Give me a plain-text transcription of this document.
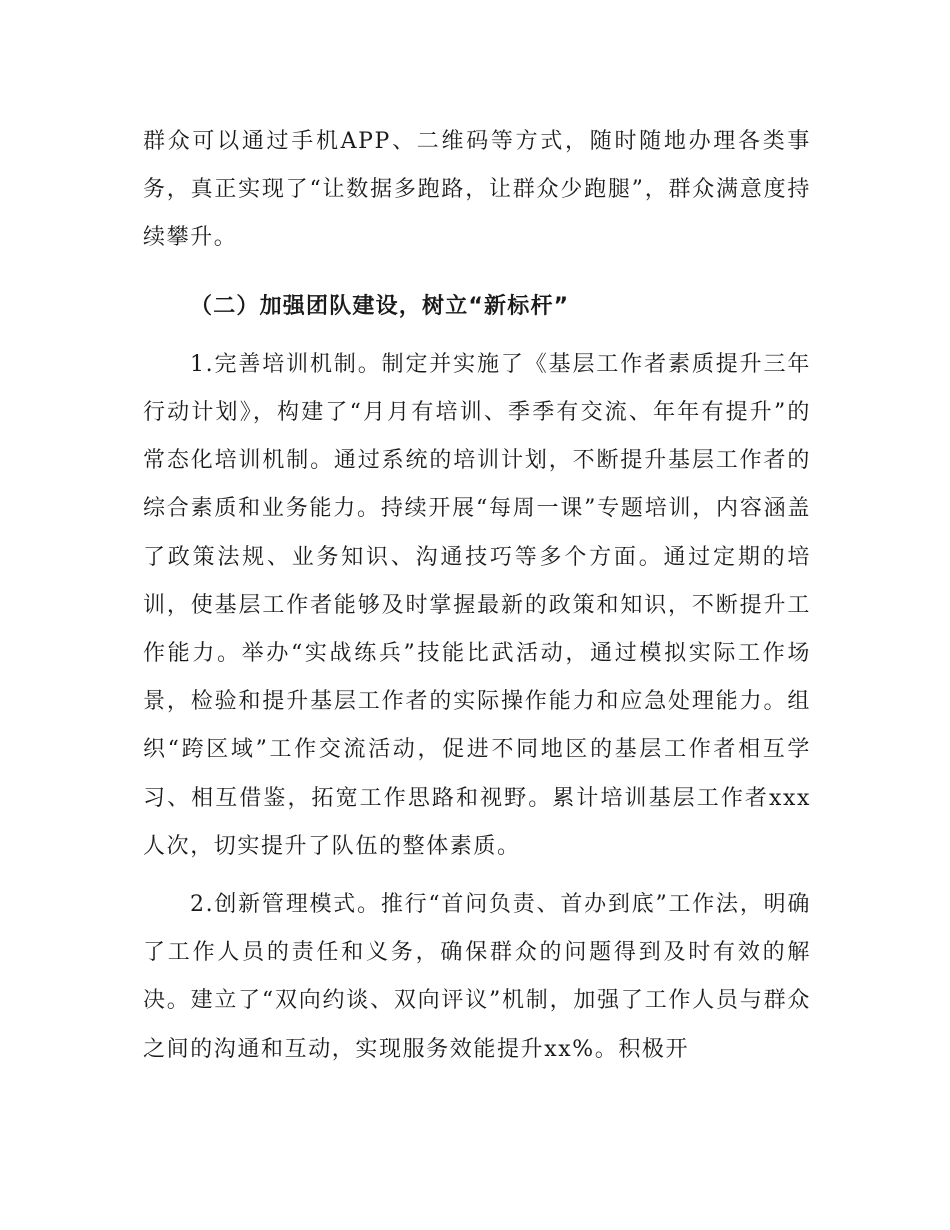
群众可以通过手机APP、二维码等方式，随时随地办理各类事务，真正实现了“让数据多跑路，让群众少跑腿”，群众满意度持续攀升。

（二）加强团队建设，树立“新标杆”

1.完善培训机制。制定并实施了《基层工作者素质提升三年行动计划》，构建了“月月有培训、季季有交流、年年有提升”的常态化培训机制。通过系统的培训计划，不断提升基层工作者的综合素质和业务能力。持续开展“每周一课”专题培训，内容涵盖了政策法规、业务知识、沟通技巧等多个方面。通过定期的培训，使基层工作者能够及时掌握最新的政策和知识，不断提升工作能力。举办“实战练兵”技能比武活动，通过模拟实际工作场景，检验和提升基层工作者的实际操作能力和应急处理能力。组织“跨区域”工作交流活动，促进不同地区的基层工作者相互学习、相互借鉴，拓宽工作思路和视野。累计培训基层工作者xxx人次，切实提升了队伍的整体素质。

2.创新管理模式。推行“首问负责、首办到底”工作法，明确了工作人员的责任和义务，确保群众的问题得到及时有效的解决。建立了“双向约谈、双向评议”机制，加强了工作人员与群众之间的沟通和互动，实现服务效能提升xx%。积极开
